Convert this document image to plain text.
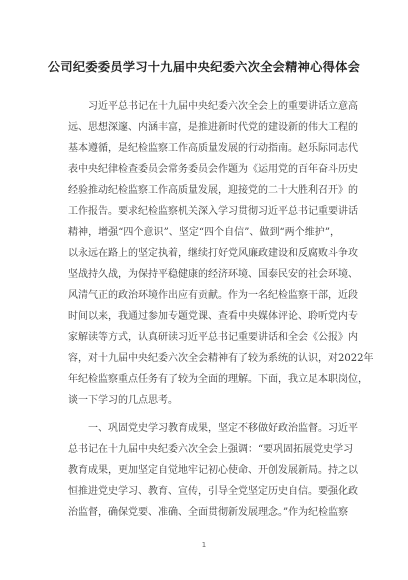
公司纪委委员学习十九届中央纪委六次全会精神心得体会
习近平总书记在十九届中央纪委六次全会上的重要讲话立意高
远、思想深邃、内涵丰富，是推进新时代党的建设新的伟大工程的
基本遵循，是纪检监察工作高质量发展的行动指南。赵乐际同志代
表中央纪律检查委员会常务委员会作题为《运用党的百年奋斗历史
经验推动纪检监察工作高质量发展，迎接党的二十大胜利召开》的
工作报告。要求纪检监察机关深入学习贯彻习近平总书记重要讲话
精神，增强“四个意识”、坚定“四个自信”、做到“两个维护”，
以永远在路上的坚定执着，继续打好党风廉政建设和反腐败斗争攻
坚战持久战，为保持平稳健康的经济环境、国泰民安的社会环境、
风清气正的政治环境作出应有贡献。作为一名纪检监察干部，近段
时间以来，我通过参加专题党课、查看中央媒体评论、聆听党内专
家解读等方式，认真研读习近平总书记重要讲话和全会《公报》内
容，对十九届中央纪委六次全会精神有了较为系统的认识，对2022年
年纪检监察重点任务有了较为全面的理解。下面，我立足本职岗位，
谈一下学习的几点思考。
一、巩固党史学习教育成果，坚定不移做好政治监督。习近平
总书记在十九届中央纪委六次全会上强调：“要巩固拓展党史学习
教育成果，更加坚定自觉地牢记初心使命、开创发展新局。持之以
恒推进党史学习、教育、宣传，引导全党坚定历史自信。要强化政
治监督，确保党要、准确、全面贯彻新发展理念。”作为纪检监察
1
